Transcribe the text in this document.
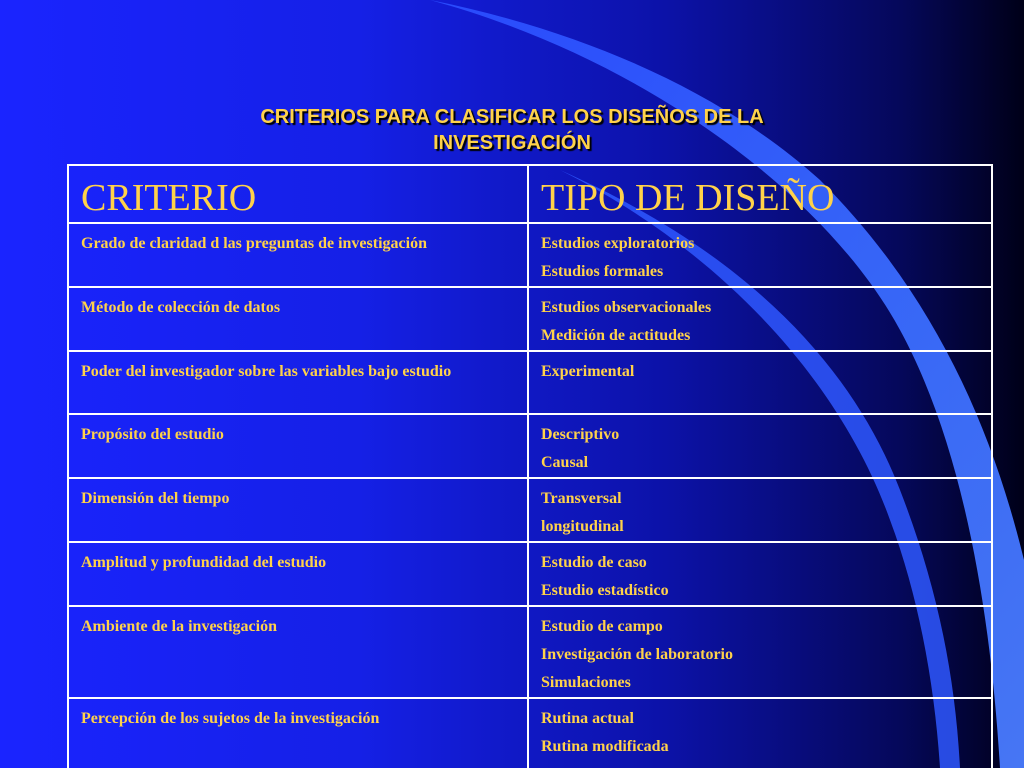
CRITERIOS PARA CLASIFICAR LOS DISEÑOS DE LA
INVESTIGACIÓN
CRITERIO	TIPO DE DISEÑO

Grado de claridad d las preguntas de investigación	Estudios exploratorios
Estudios formales

Método de colección de datos	Estudios observacionales
Medición de actitudes

Poder del investigador sobre las variables bajo estudio	Experimental

Propósito del estudio	Descriptivo
Causal

Dimensión del tiempo	Transversal
longitudinal

Amplitud y profundidad del estudio	Estudio de caso
Estudio estadístico

Ambiente de la investigación	Estudio de campo
Investigación de laboratorio
Simulaciones

Percepción de los sujetos de la investigación	Rutina actual
Rutina modificada
